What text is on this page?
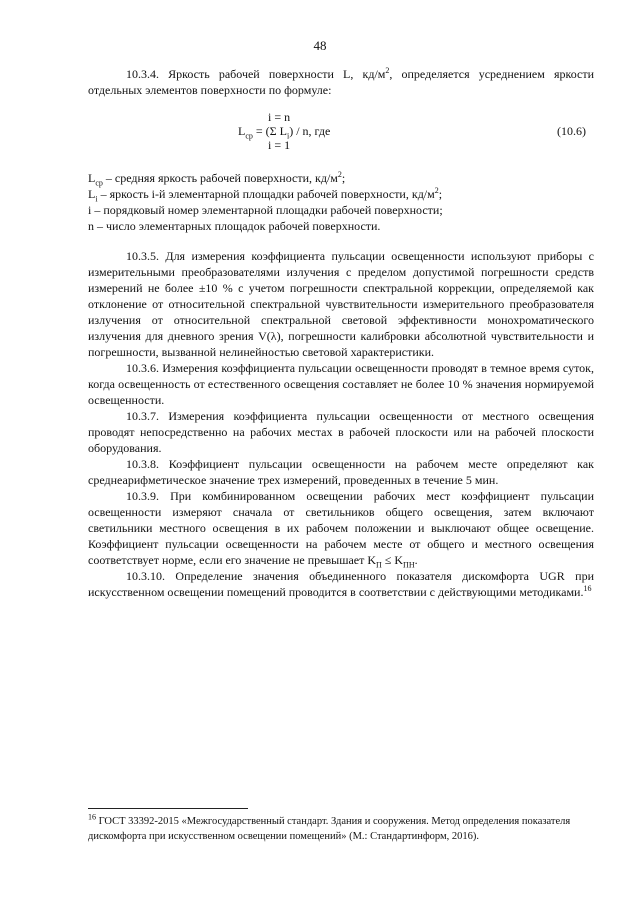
48

10.3.4. Яркость рабочей поверхности L, $кд/м^2$, определяется усреднением яркости отдельных элементов поверхности по формуле:

i = n
$L_{ср} = (\Sigma$ $L_i$) / n, где
i = 1
(10.6)

$L_{ср}$ – средняя яркость рабочей поверхности, $кд/м^2$;

$L_i$ – яркость i-й элементарной площадки рабочей поверхности, $кд/м^2$;

i – порядковый номер элементарной площадки рабочей поверхности;

n – число элементарных площадок рабочей поверхности.

10.3.5. Для измерения коэффициента пульсации освещенности используют приборы с измерительными преобразователями излучения с пределом допустимой погрешности средств измерений не более ±10 % с учетом погрешности спектральной коррекции, определяемой как отклонение от относительной спектральной чувствительности измерительного преобразователя излучения от относительной спектральной световой эффективности монохроматического излучения для дневного зрения V(λ), погрешности калибровки абсолютной чувствительности и погрешности, вызванной нелинейностью световой характеристики.

10.3.6. Измерения коэффициента пульсации освещенности проводят в темное время суток, когда освещенность от естественного освещения составляет не более 10 % значения нормируемой освещенности.

10.3.7. Измерения коэффициента пульсации освещенности от местного освещения проводят непосредственно на рабочих местах в рабочей плоскости или на рабочей плоскости оборудования.

10.3.8. Коэффициент пульсации освещенности на рабочем месте определяют как среднеарифметическое значение трех измерений, проведенных в течение 5 мин.

10.3.9. При комбинированном освещении рабочих мест коэффициент пульсации освещенности измеряют сначала от светильников общего освещения, затем включают светильники местного освещения в их рабочем положении и выключают общее освещение. Коэффициент пульсации освещенности на рабочем месте от общего и местного освещения соответствует норме, если его значение не превышает $K_П \le K_{ПН}$.

10.3.10. Определение значения объединенного показателя дискомфорта UGR при искусственном освещении помещений проводится в соответствии с действующими методиками.$^{16}$

$^{16}$ ГОСТ 33392-2015 «Межгосударственный стандарт. Здания и сооружения. Метод определения показателя дискомфорта при искусственном освещении помещений» (М.: Стандартинформ, 2016).
